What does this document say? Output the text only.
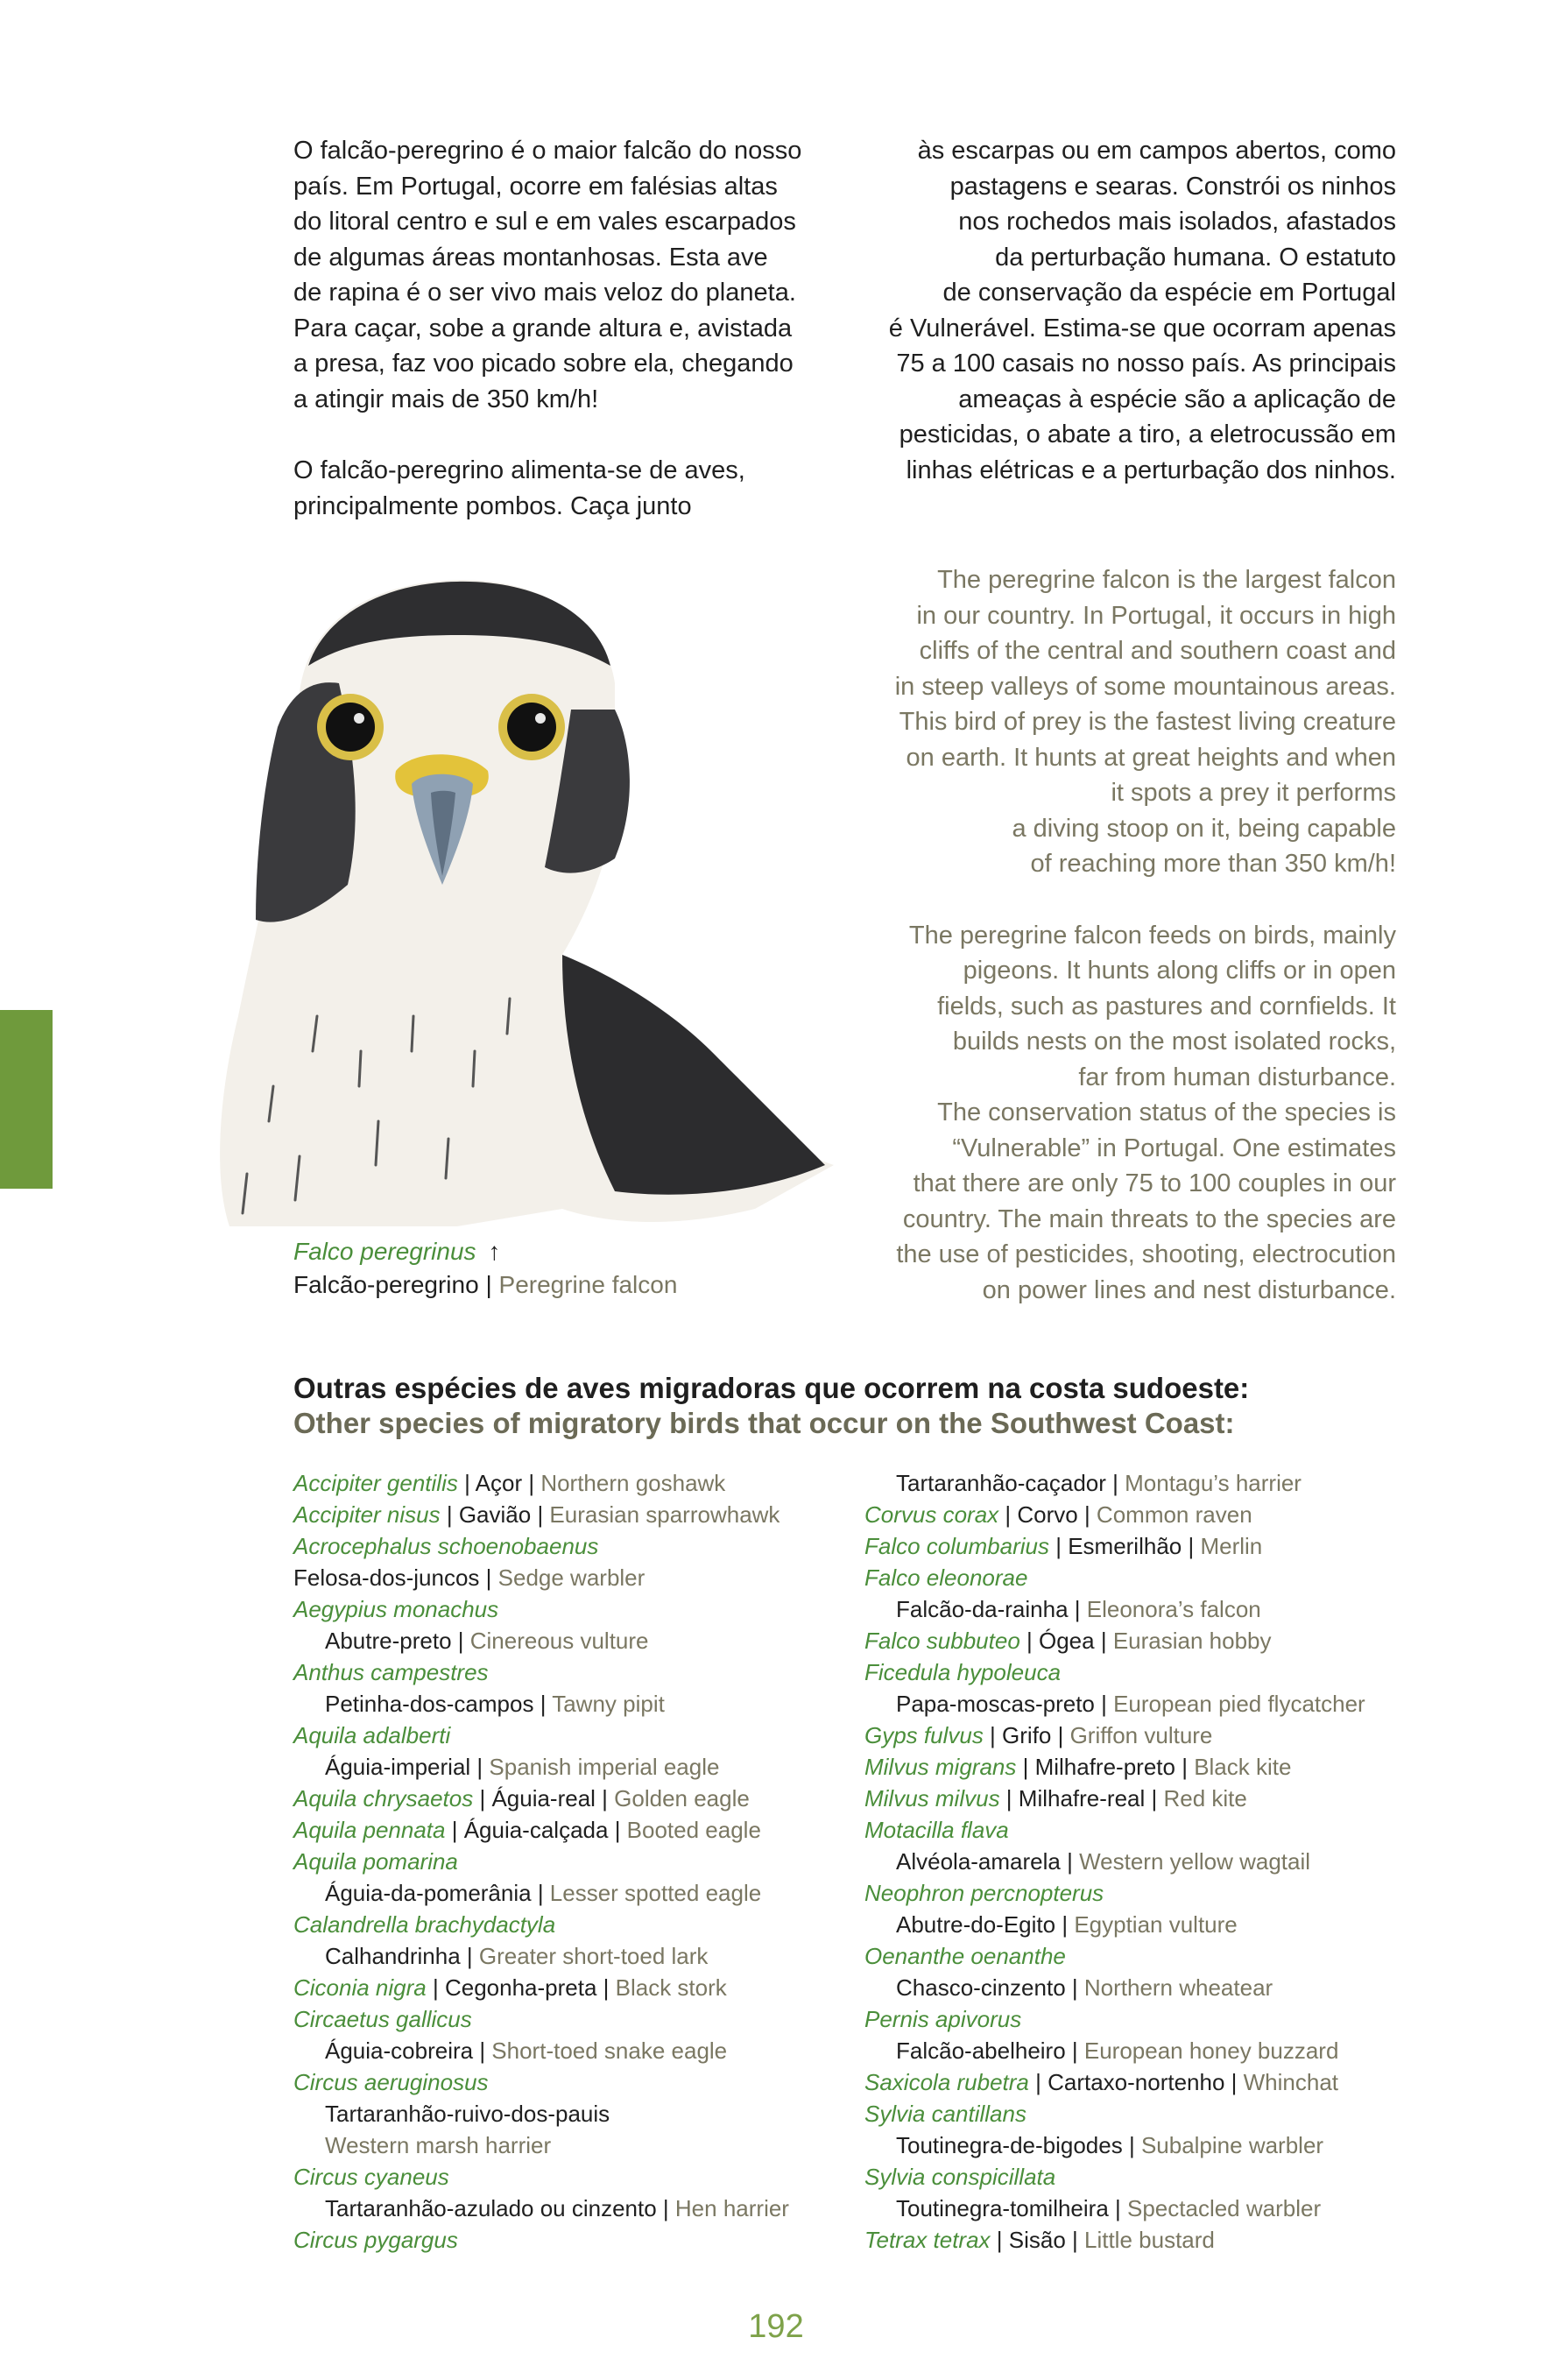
O falcão-peregrino é o maior falcão do nosso
país. Em Portugal, ocorre em falésias altas
do litoral centro e sul e em vales escarpados
de algumas áreas montanhosas. Esta ave
de rapina é o ser vivo mais veloz do planeta.
Para caçar, sobe a grande altura e, avistada
a presa, faz voo picado sobre ela, chegando
a atingir mais de 350 km/h!

O falcão-peregrino alimenta-se de aves,
principalmente pombos. Caça junto

às escarpas ou em campos abertos, como
pastagens e searas. Constrói os ninhos
nos rochedos mais isolados, afastados
da perturbação humana. O estatuto
de conservação da espécie em Portugal
é Vulnerável. Estima-se que ocorram apenas
75 a 100 casais no nosso país. As principais
ameaças à espécie são a aplicação de
pesticidas, o abate a tiro, a eletrocussão em
linhas elétricas e a perturbação dos ninhos.

The peregrine falcon is the largest falcon
in our country. In Portugal, it occurs in high
cliffs of the central and southern coast and
in steep valleys of some mountainous areas.
This bird of prey is the fastest living creature
on earth. It hunts at great heights and when
it spots a prey it performs
a diving stoop on it, being capable
of reaching more than 350 km/h!

The peregrine falcon feeds on birds, mainly
pigeons. It hunts along cliffs or in open
fields, such as pastures and cornfields. It
builds nests on the most isolated rocks,
far from human disturbance.
The conservation status of the species is
“Vulnerable” in Portugal. One estimates
that there are only 75 to 100 couples in our
country. The main threats to the species are
the use of pesticides, shooting, electrocution
on power lines and nest disturbance.

Falco peregrinus ↑
Falcão-peregrino | Peregrine falcon
Outras espécies de aves migradoras que ocorrem na costa sudoeste:
Other species of migratory birds that occur on the Southwest Coast:
Accipiter gentilis | Açor | Northern goshawk
Accipiter nisus | Gavião | Eurasian sparrowhawk
Acrocephalus schoenobaenus
Felosa-dos-juncos | Sedge warbler
Aegypius monachus
Abutre-preto | Cinereous vulture
Anthus campestres
Petinha-dos-campos | Tawny pipit
Aquila adalberti
Águia-imperial | Spanish imperial eagle
Aquila chrysaetos | Águia-real | Golden eagle
Aquila pennata | Águia-calçada | Booted eagle
Aquila pomarina
Águia-da-pomerânia | Lesser spotted eagle
Calandrella brachydactyla
Calhandrinha | Greater short-toed lark
Ciconia nigra | Cegonha-preta | Black stork
Circaetus gallicus
Águia-cobreira | Short-toed snake eagle
Circus aeruginosus
Tartaranhão-ruivo-dos-pauis
Western marsh harrier
Circus cyaneus
Tartaranhão-azulado ou cinzento | Hen harrier
Circus pygargus
Tartaranhão-caçador | Montagu’s harrier
Corvus corax | Corvo | Common raven
Falco columbarius | Esmerilhão | Merlin
Falco eleonorae
Falcão-da-rainha | Eleonora’s falcon
Falco subbuteo | Ógea | Eurasian hobby
Ficedula hypoleuca
Papa-moscas-preto | European pied flycatcher
Gyps fulvus | Grifo | Griffon vulture
Milvus migrans | Milhafre-preto | Black kite
Milvus milvus | Milhafre-real | Red kite
Motacilla flava
Alvéola-amarela | Western yellow wagtail
Neophron percnopterus
Abutre-do-Egito | Egyptian vulture
Oenanthe oenanthe
Chasco-cinzento | Northern wheatear
Pernis apivorus
Falcão-abelheiro | European honey buzzard
Saxicola rubetra | Cartaxo-nortenho | Whinchat
Sylvia cantillans
Toutinegra-de-bigodes | Subalpine warbler
Sylvia conspicillata
Toutinegra-tomilheira | Spectacled warbler
Tetrax tetrax | Sisão | Little bustard
192
